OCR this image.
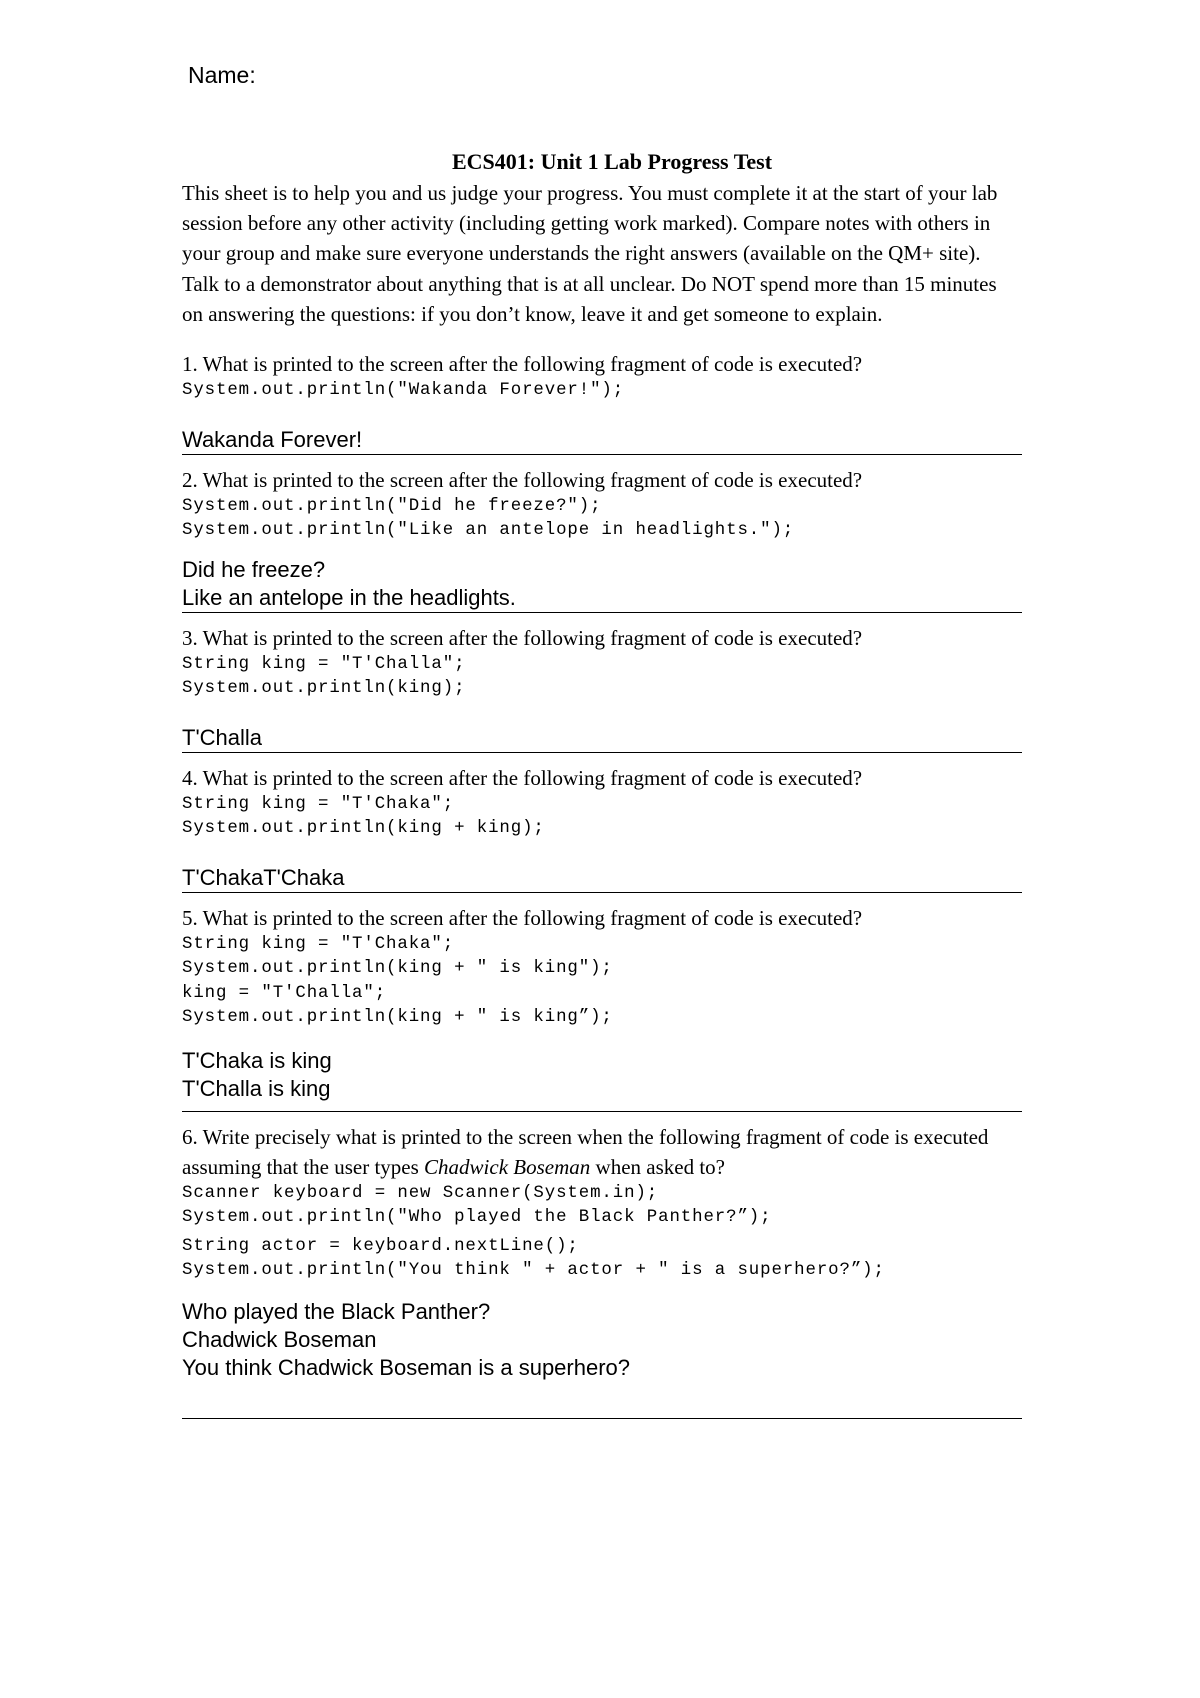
Name:
ECS401: Unit 1 Lab Progress Test

This sheet is to help you and us judge your progress. You must complete it at the start of your lab session before any other activity (including getting work marked). Compare notes with others in your group and make sure everyone understands the right answers (available on the QM+ site). Talk to a demonstrator about anything that is at all unclear. Do NOT spend more than 15 minutes on answering the questions: if you don’t know, leave it and get someone to explain.

1. What is printed to the screen after the following fragment of code is executed?

System.out.println("Wakanda Forever!");
Wakanda Forever!

2. What is printed to the screen after the following fragment of code is executed?

System.out.println("Did he freeze?");
System.out.println("Like an antelope in headlights.");
Did he freeze?
Like an antelope in the headlights.

3. What is printed to the screen after the following fragment of code is executed?

String king = "T'Challa";
System.out.println(king);
T'Challa

4. What is printed to the screen after the following fragment of code is executed?

String king = "T'Chaka";
System.out.println(king + king);
T'ChakaT'Chaka

5. What is printed to the screen after the following fragment of code is executed?

String king = "T'Chaka";
System.out.println(king + " is king");
king = "T'Challa";
System.out.println(king + " is king”);
T'Chaka is king
T'Challa is king

6. Write precisely what is printed to the screen when the following fragment of code is executed assuming that the user types Chadwick Boseman when asked to?

Scanner keyboard = new Scanner(System.in);
System.out.println("Who played the Black Panther?”);
String actor = keyboard.nextLine();
System.out.println("You think " + actor + " is a superhero?”);
Who played the Black Panther?
Chadwick Boseman
You think Chadwick Boseman is a superhero?
